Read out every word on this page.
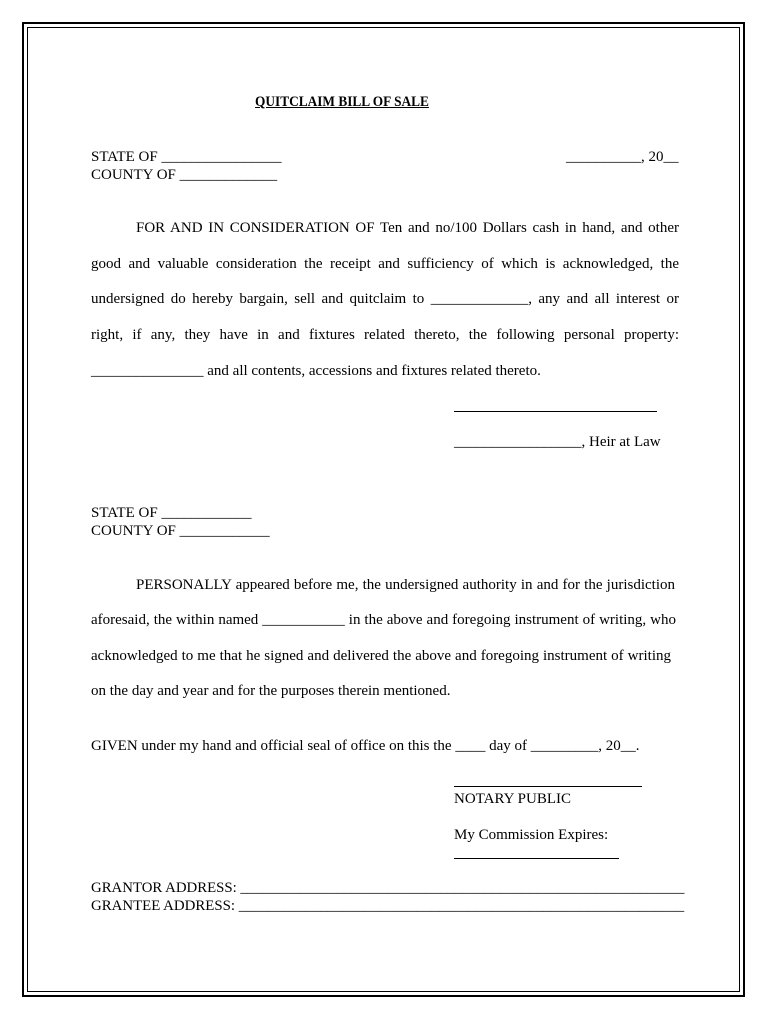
QUITCLAIM BILL OF SALE
STATE OF ________________
COUNTY OF _____________
__________, 20__
FOR AND IN CONSIDERATION OF Ten and no/100 Dollars cash in hand, and other
good and valuable consideration the receipt and sufficiency of which is acknowledged, the
undersigned do hereby bargain, sell and quitclaim to _____________, any and all interest or
right, if any, they have in and fixtures related thereto, the following personal property:
_______________ and all contents, accessions and fixtures related thereto.
_________________, Heir at Law
STATE OF ____________
COUNTY OF ____________
PERSONALLY appeared before me, the undersigned authority in and for the jurisdiction
aforesaid, the within named ___________ in the above and foregoing instrument of writing, who
acknowledged to me that he signed and delivered the above and foregoing instrument of writing
on the day and year and for the purposes therein mentioned.
GIVEN under my hand and official seal of office on this the ____ day of _________, 20__.
NOTARY PUBLIC
My Commission Expires:
GRANTOR ADDRESS: ____________________________________________________________
GRANTEE ADDRESS: ____________________________________________________________
